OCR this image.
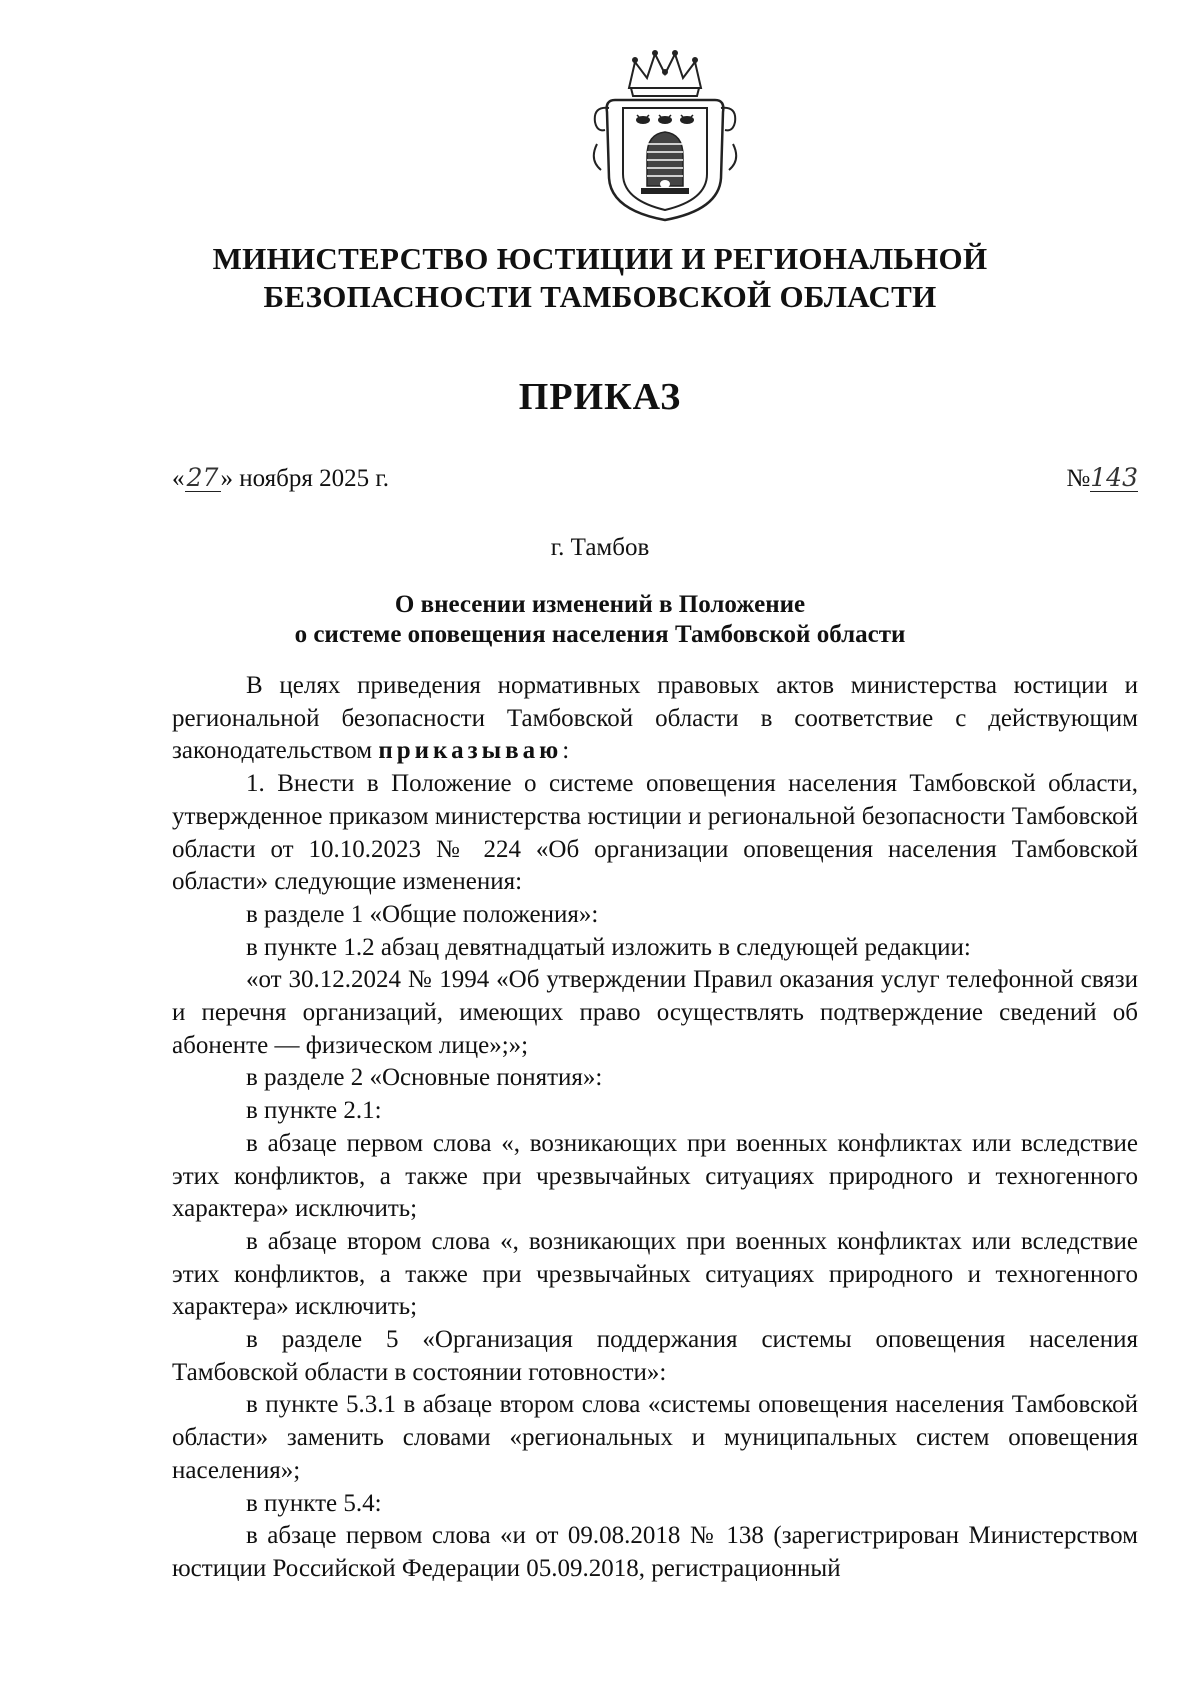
МИНИСТЕРСТВО ЮСТИЦИИ И РЕГИОНАЛЬНОЙ
БЕЗОПАСНОСТИ ТАМБОВСКОЙ ОБЛАСТИ
ПРИКАЗ
«27» ноября 2025 г.	№143
г. Тамбов
О внесении изменений в Положение
о системе оповещения населения Тамбовской области

В целях приведения нормативных правовых актов министерства юстиции и региональной безопасности Тамбовской области в соответствие с действующим законодательством приказываю:

1. Внести в Положение о системе оповещения населения Тамбовской области, утвержденное приказом министерства юстиции и региональной безопасности Тамбовской области от 10.10.2023 № 224 «Об организации оповещения населения Тамбовской области» следующие изменения:

в разделе 1 «Общие положения»:

в пункте 1.2 абзац девятнадцатый изложить в следующей редакции:

«от 30.12.2024 № 1994 «Об утверждении Правил оказания услуг телефонной связи и перечня организаций, имеющих право осуществлять подтверждение сведений об абоненте — физическом лице»;»;

в разделе 2 «Основные понятия»:

в пункте 2.1:

в абзаце первом слова «, возникающих при военных конфликтах или вследствие этих конфликтов, а также при чрезвычайных ситуациях природного и техногенного характера» исключить;

в абзаце втором слова «, возникающих при военных конфликтах или вследствие этих конфликтов, а также при чрезвычайных ситуациях природного и техногенного характера» исключить;

в разделе 5 «Организация поддержания системы оповещения населения Тамбовской области в состоянии готовности»:

в пункте 5.3.1 в абзаце втором слова «системы оповещения населения Тамбовской области» заменить словами «региональных и муниципальных систем оповещения населения»;

в пункте 5.4:

в абзаце первом слова «и от 09.08.2018 № 138 (зарегистрирован Министерством юстиции Российской Федерации 05.09.2018, регистрационный
